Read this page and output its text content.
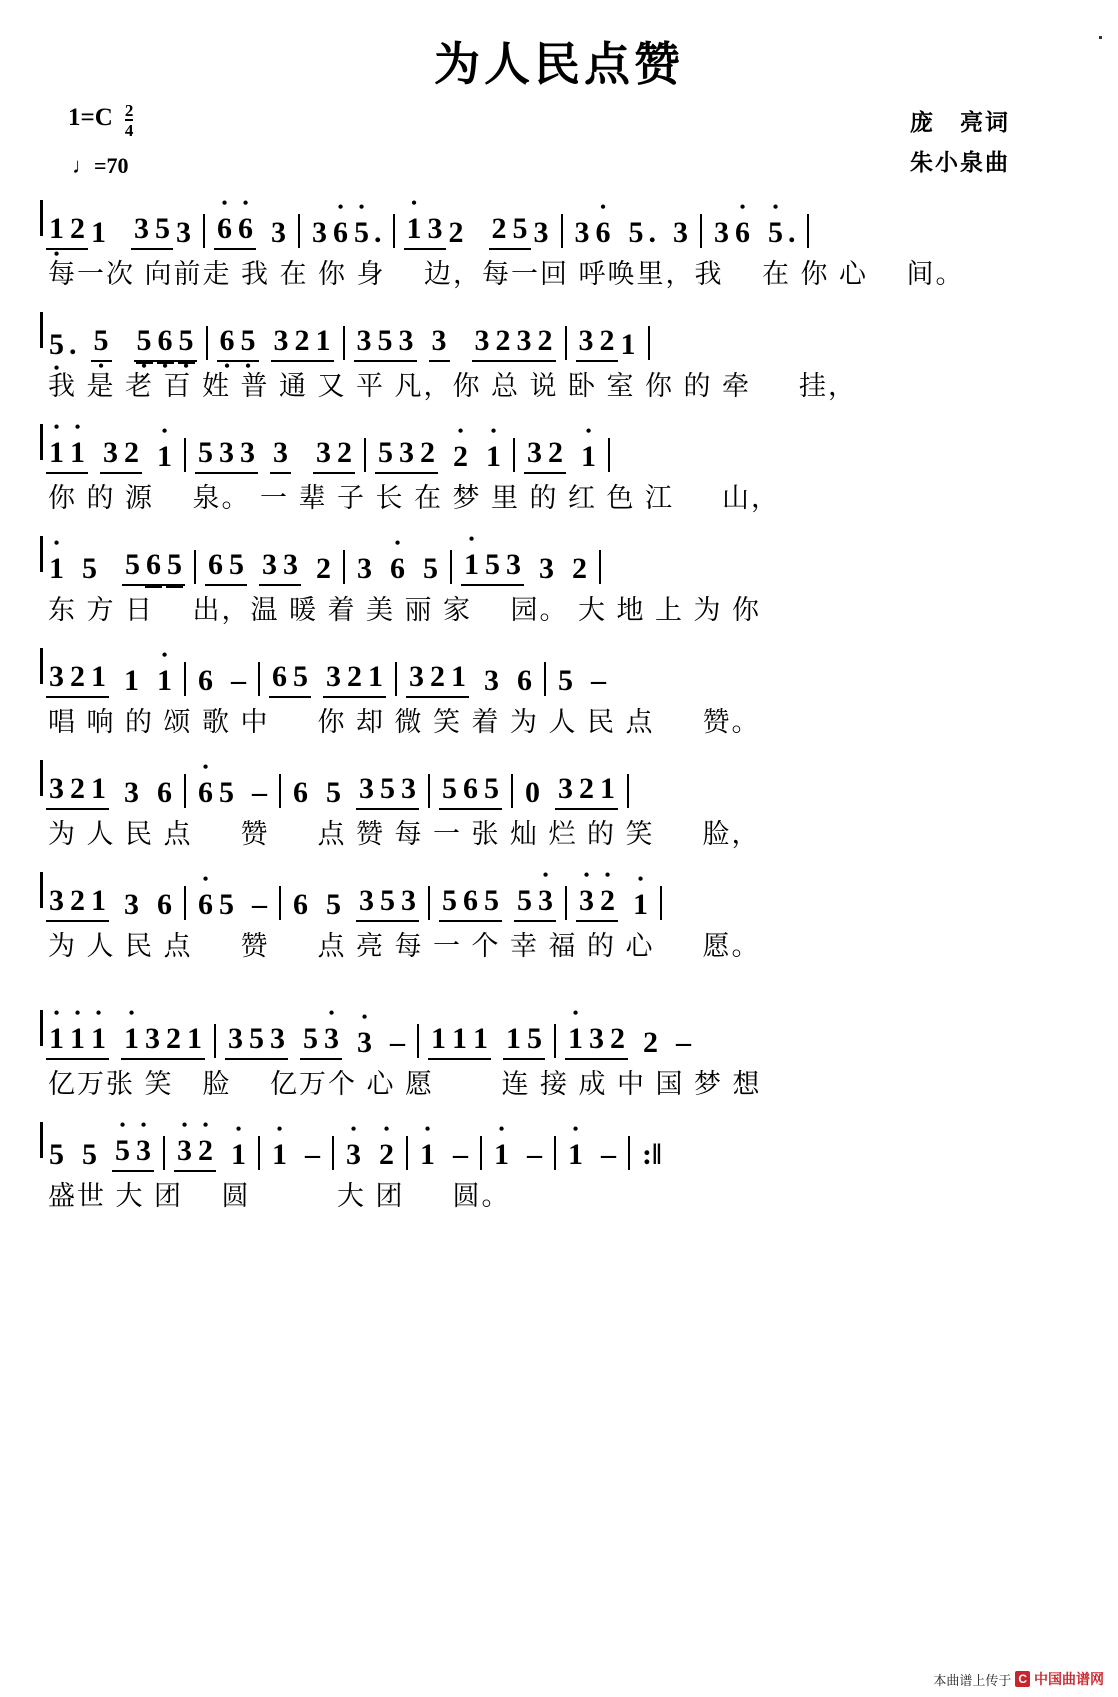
为人民点赞
$1=C \frac{2}{4}$
♩=70
庞　亮词
朱小泉曲
1 • 2 1 3 5 3 • 6 • 6 3 3 • 6 • 5 . • 1 3 2 2 5 3 3 • 6 5 . 3 3 • 6 • 5 .
每一次 向前走 我 在 你 身 　边，每一回 呼唤里，我　 在 你 心　 间。
5 • . 5 • 5 • 6 • 5 • 6 • 5 • 3 2 1 3 5 3 3 3 2 3 2 3 2 1
我 是 老 百 姓 普 通 又 平 凡，你 总 说 卧 室 你 的 牵 　 挂，
• 1 • 1 3 2 • 1 5 3 3 3 3 2 5 3 2 • 2 • 1 3 2 • 1
你 的 源 　泉。 一 辈 子 长 在 梦 里 的 红 色 江 　 山，
• 1 5 5 6 5 6 5 3 3 2 3 • 6 5 • 1 5 3 3 2
东 方 日 　出，温 暖 着 美 丽 家 　园。 大 地 上 为 你
3 2 1 1 • 1 6 – 6 5 3 2 1 3 2 1 3 6 5 –
唱 响 的 颂 歌 中 　 你 却 微 笑 着 为 人 民 点 　 赞。
3 2 1 3 6 • 6 5 – 6 5 3 5 3 5 6 5 0 3 2 1
为 人 民 点 　 赞 　 点 赞 每 一 张 灿 烂 的 笑 　 脸，
3 2 1 3 6 • 6 5 – 6 5 3 5 3 5 6 5 5 • 3 • 3 • 2 • 1
为 人 民 点 　 赞 　 点 亮 每 一 个 幸 福 的 心 　 愿。
• 1 • 1 • 1 • 1 3 2 1 3 5 3 5 • 3 • 3 – 1 1 1 1 5 • 1 3 2 2 –
亿万张 笑　脸　 亿万个 心 愿　 　连 接 成 中 国 梦 想
5 5 • 5 • 3 • 3 • 2 • 1 • 1 – • 3 • 2 • 1 – • 1 – • 1 – :‖
盛世 大 团 　圆 　 　 大 团 　 圆。
本曲谱上传于 C 中国曲谱网
